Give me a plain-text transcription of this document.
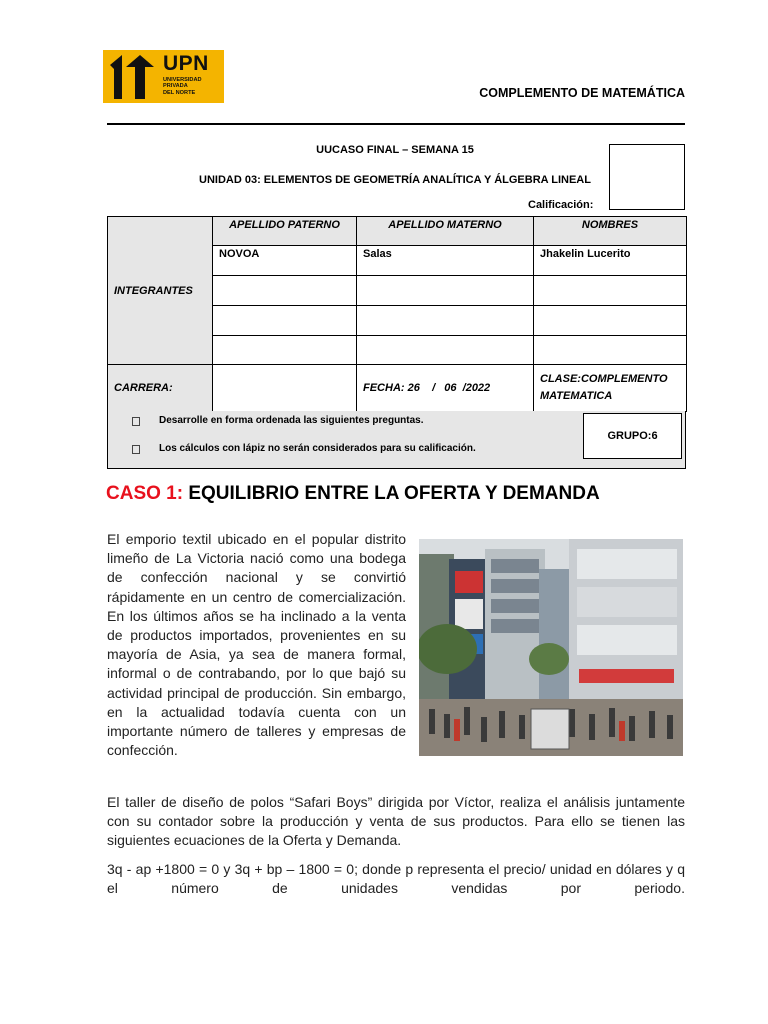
UPN
UNIVERSIDAD
PRIVADA
DEL NORTE	COMPLEMENTO DE MATEMÁTICA
UUCASO FINAL – SEMANA 15
UNIDAD 03: ELEMENTOS DE GEOMETRÍA ANALÍTICA Y ÁLGEBRA LINEAL
Calificación:
INTEGRANTES	APELLIDO PATERNO	APELLIDO MATERNO	NOMBRES
	NOVOA	Salas	Jhakelin Lucerito

CARRERA:		FECHA: 26    /   06  /2022	CLASE:COMPLEMENTO MATEMATICA
Desarrolle en forma ordenada las siguientes preguntas.
Los cálculos con lápiz no serán considerados para su calificación.
GRUPO:6
CASO 1: EQUILIBRIO ENTRE LA OFERTA Y DEMANDA
El emporio textil ubicado en el popular distrito limeño de La Victoria nació como una bodega de confección nacional y se convirtió rápidamente en un centro de comercialización. En los últimos años se ha inclinado a la venta de productos importados, provenientes en su mayoría de Asia, ya sea de manera formal, informal o de contrabando, por lo que bajó su actividad principal de producción. Sin embargo, en la actualidad todavía cuenta con un importante número de talleres y empresas de confección.
El taller de diseño de polos “Safari Boys” dirigida por Víctor, realiza el análisis juntamente con su contador sobre la producción y venta de sus productos. Para ello se tienen las siguientes ecuaciones de la Oferta y Demanda.
3q - ap +1800 = 0 y 3q + bp – 1800 = 0; donde p representa el precio/ unidad en dólares y q el número de unidades vendidas por periodo.
